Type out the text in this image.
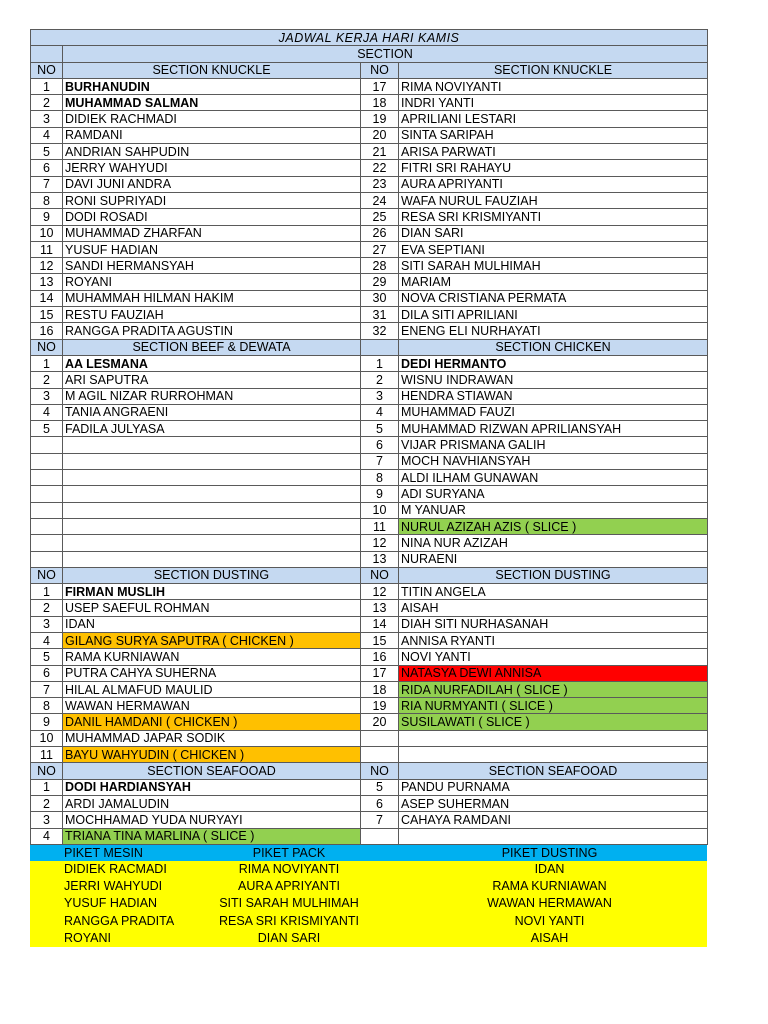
JADWAL KERJA HARI KAMIS			
	SECTION		
NO	SECTION KNUCKLE	NO	SECTION KNUCKLE
1	BURHANUDIN	17	RIMA NOVIYANTI
2	MUHAMMAD SALMAN	18	INDRI YANTI
3	DIDIEK RACHMADI	19	APRILIANI LESTARI
4	RAMDANI	20	SINTA SARIPAH
5	ANDRIAN SAHPUDIN	21	ARISA PARWATI
6	JERRY WAHYUDI	22	FITRI SRI RAHAYU
7	DAVI JUNI ANDRA	23	AURA APRIYANTI
8	RONI SUPRIYADI	24	WAFA NURUL FAUZIAH
9	DODI ROSADI	25	RESA SRI KRISMIYANTI
10	MUHAMMAD ZHARFAN	26	DIAN SARI
11	YUSUF HADIAN	27	EVA SEPTIANI
12	SANDI HERMANSYAH	28	SITI SARAH MULHIMAH
13	ROYANI	29	MARIAM
14	MUHAMMAH HILMAN HAKIM	30	NOVA CRISTIANA PERMATA
15	RESTU FAUZIAH	31	DILA SITI APRILIANI
16	RANGGA PRADITA AGUSTIN	32	ENENG ELI NURHAYATI
NO	SECTION BEEF & DEWATA		SECTION CHICKEN
1	AA LESMANA	1	DEDI HERMANTO
2	ARI SAPUTRA	2	WISNU INDRAWAN
3	M AGIL NIZAR RURROHMAN	3	HENDRA STIAWAN
4	TANIA ANGRAENI	4	MUHAMMAD FAUZI
5	FADILA JULYASA	5	MUHAMMAD RIZWAN APRILIANSYAH
		6	VIJAR PRISMANA GALIH
		7	MOCH NAVHIANSYAH
		8	ALDI ILHAM GUNAWAN
		9	ADI SURYANA
		10	M YANUAR
		11	NURUL AZIZAH AZIS ( SLICE )
		12	NINA NUR AZIZAH
		13	NURAENI
NO	SECTION DUSTING	NO	SECTION DUSTING
1	FIRMAN MUSLIH	12	TITIN ANGELA
2	USEP SAEFUL ROHMAN	13	AISAH
3	IDAN	14	DIAH SITI NURHASANAH
4	GILANG SURYA SAPUTRA ( CHICKEN )	15	ANNISA RYANTI
5	RAMA KURNIAWAN	16	NOVI YANTI
6	PUTRA CAHYA SUHERNA	17	NATASYA DEWI ANNISA
7	HILAL ALMAFUD MAULID	18	RIDA NURFADILAH ( SLICE )
8	WAWAN HERMAWAN	19	RIA NURMYANTI ( SLICE )
9	DANIL HAMDANI ( CHICKEN )	20	SUSILAWATI ( SLICE )
10	MUHAMMAD JAPAR SODIK		
11	BAYU WAHYUDIN ( CHICKEN )		
NO	SECTION SEAFOOAD	NO	SECTION SEAFOOAD
1	DODI HARDIANSYAH	5	PANDU PURNAMA
2	ARDI JAMALUDIN	6	ASEP SUHERMAN
3	MOCHHAMAD YUDA NURYAYI	7	CAHAYA RAMDANI
4	TRIANA TINA MARLINA ( SLICE )		
PIKET MESIN	PIKET PACK	PIKET DUSTING
DIDIEK RACMADI	RIMA NOVIYANTI	IDAN
JERRI WAHYUDI	AURA APRIYANTI	RAMA KURNIAWAN
YUSUF HADIAN	SITI SARAH MULHIMAH	WAWAN HERMAWAN
RANGGA PRADITA	RESA SRI KRISMIYANTI	NOVI YANTI
ROYANI	DIAN SARI	AISAH
